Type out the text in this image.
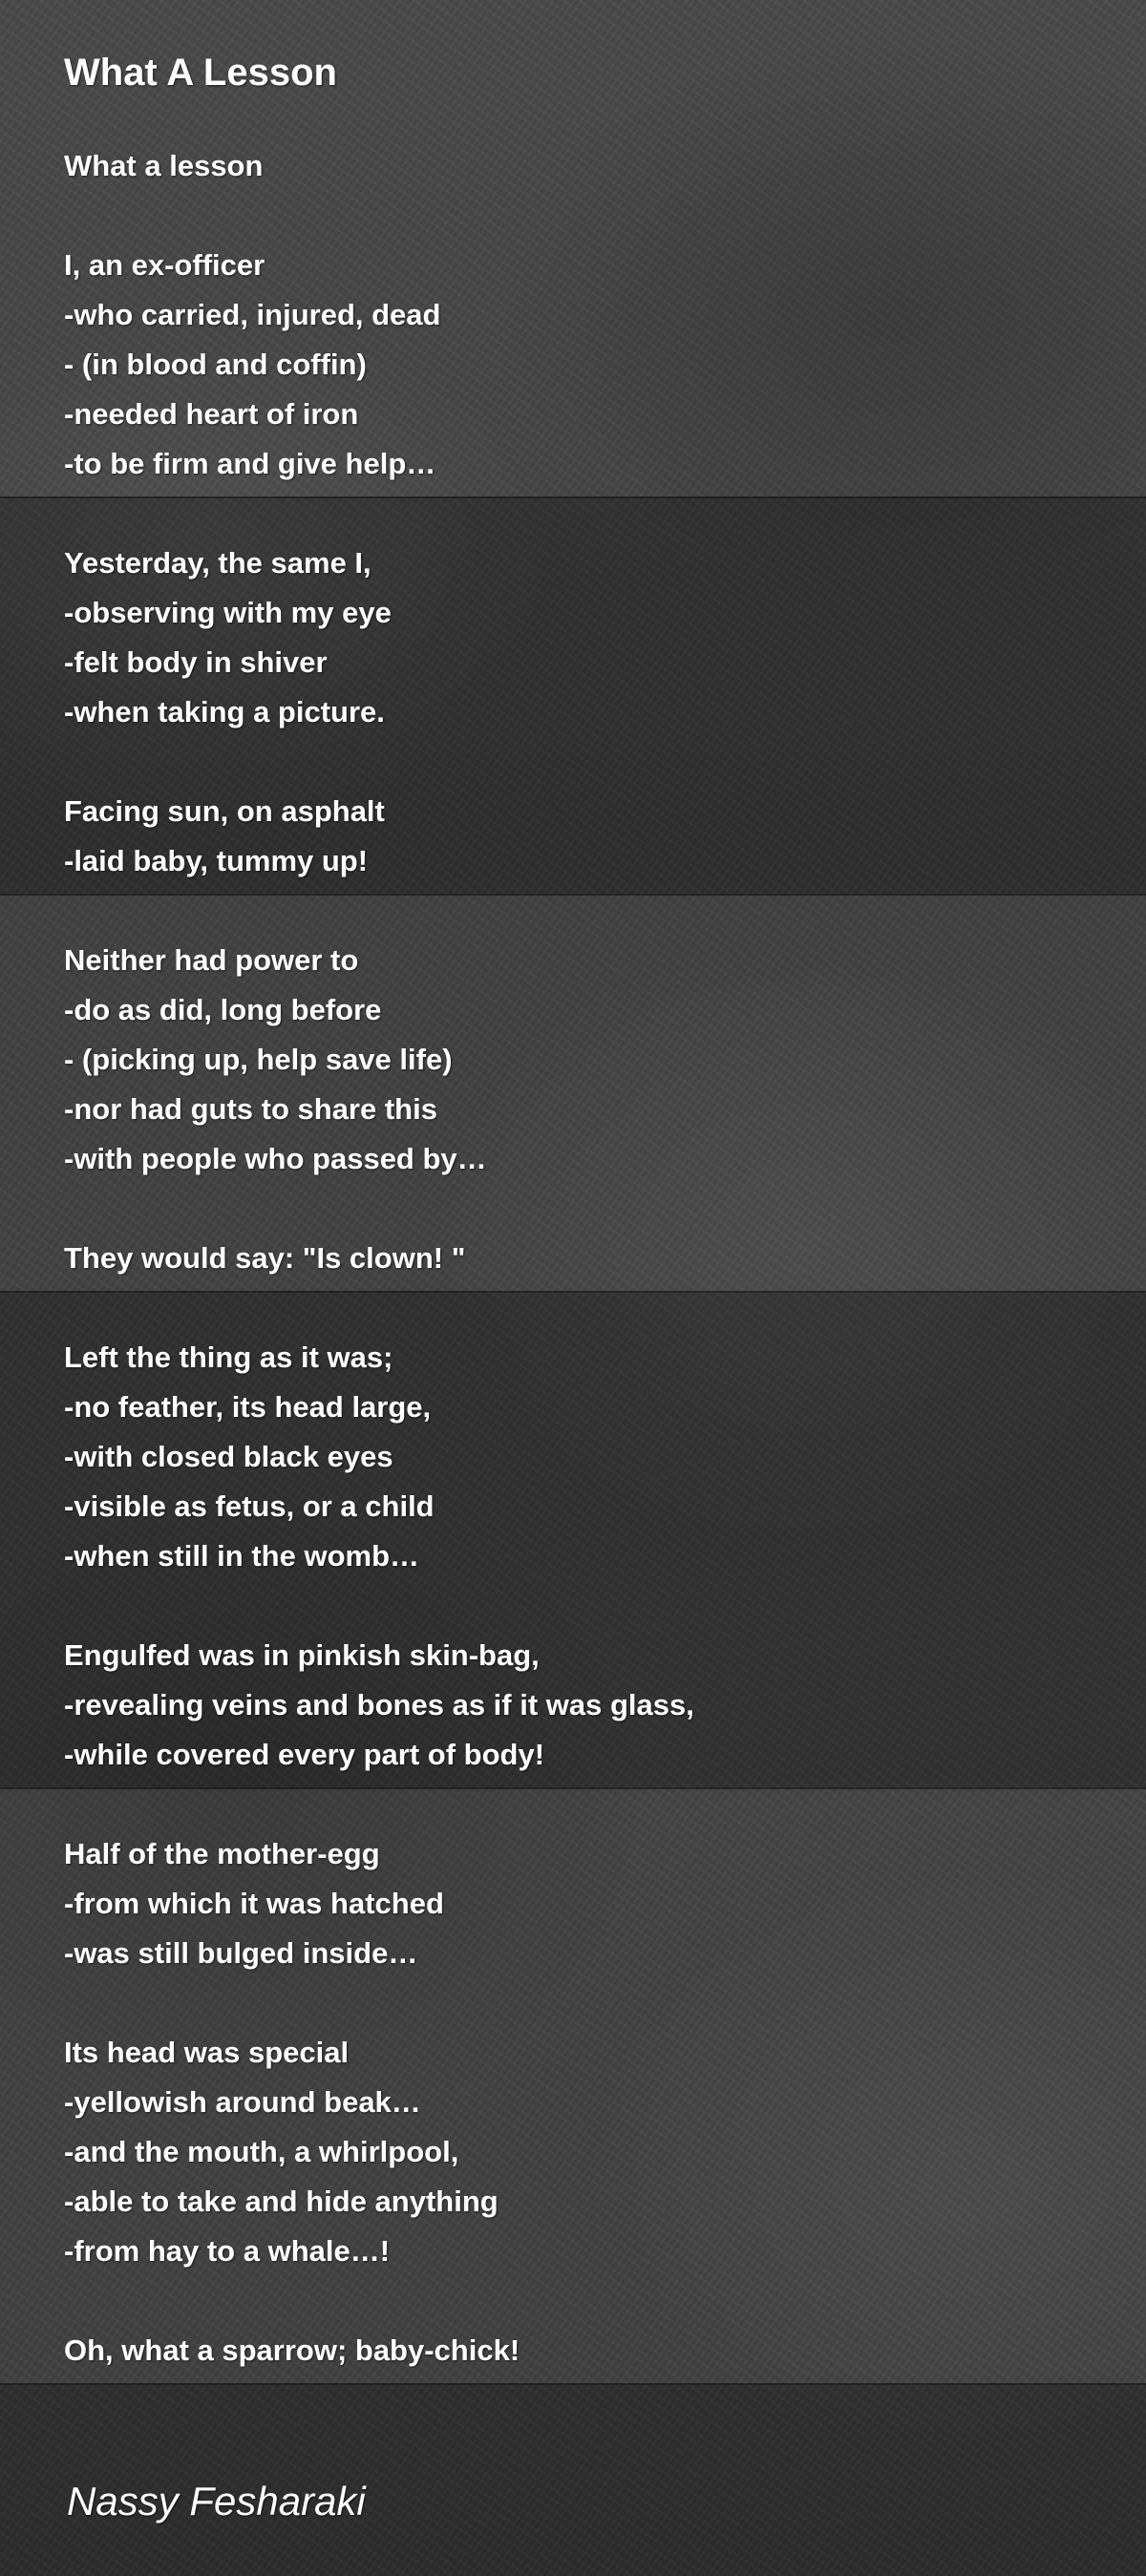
What A Lesson
What a lesson
I, an ex-officer
-who carried, injured, dead
- (in blood and coffin)
-needed heart of iron
-to be firm and give help…
Yesterday, the same I,
-observing with my eye
-felt body in shiver
-when taking a picture.
Facing sun, on asphalt
-laid baby, tummy up!
Neither had power to
-do as did, long before
- (picking up, help save life)
-nor had guts to share this
-with people who passed by…
They would say: "Is clown! "
Left the thing as it was;
-no feather, its head large,
-with closed black eyes
-visible as fetus, or a child
-when still in the womb…
Engulfed was in pinkish skin-bag,
-revealing veins and bones as if it was glass,
-while covered every part of body!
Half of the mother-egg
-from which it was hatched
-was still bulged inside…
Its head was special
-yellowish around beak…
-and the mouth, a whirlpool,
-able to take and hide anything
-from hay to a whale…!
Oh, what a sparrow; baby-chick!

Nassy Fesharaki
